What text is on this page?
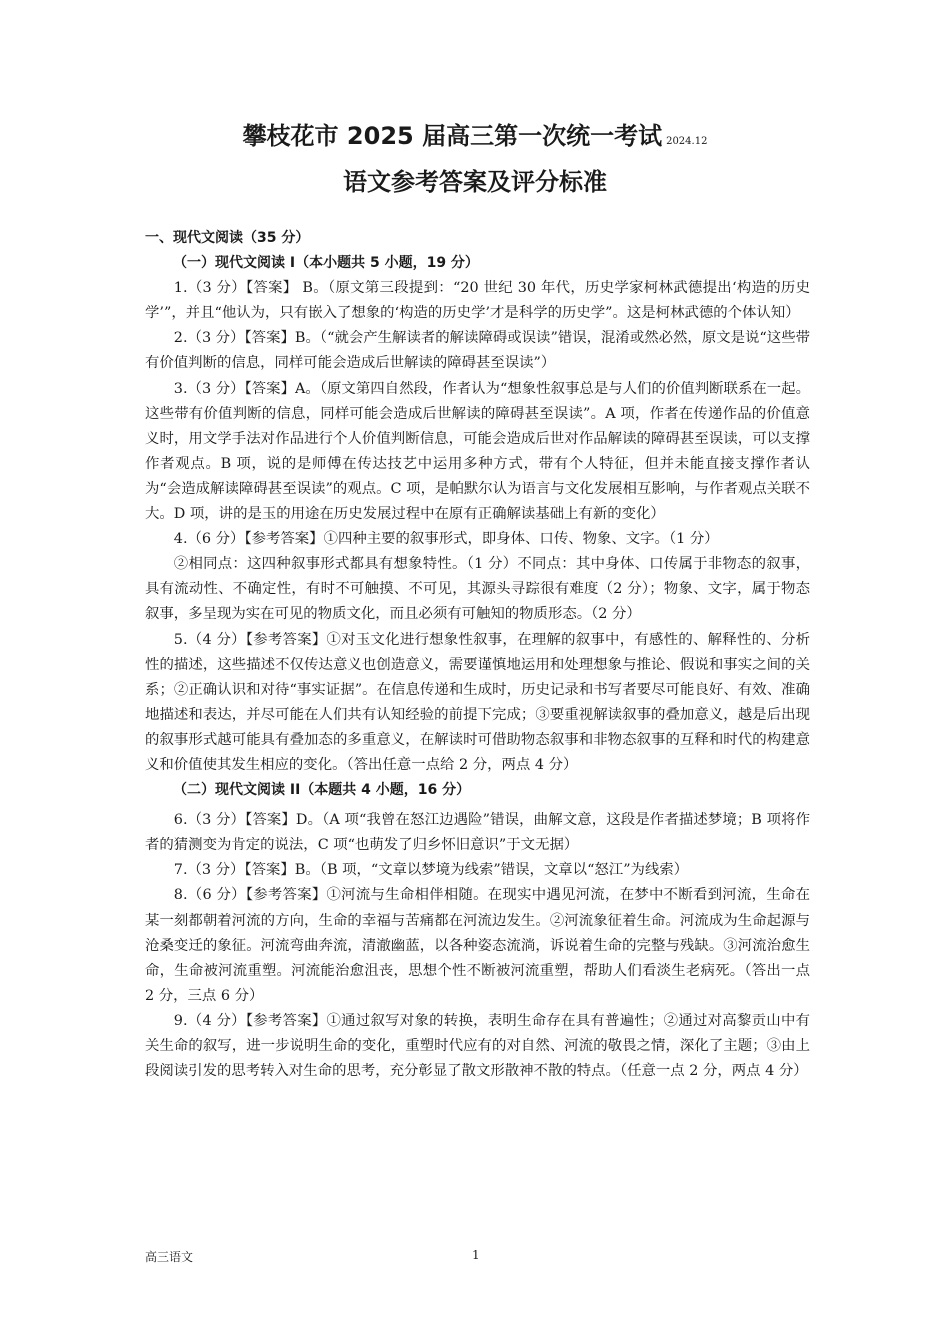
攀枝花市 2025 届高三第一次统一考试 2024.12
语文参考答案及评分标准

一、现代文阅读（35 分）

（一）现代文阅读 I（本小题共 5 小题，19 分）

1.（3 分）【答案】 B。（原文第三段提到：“20 世纪 30 年代，历史学家柯林武德提出‘构造的历史学’”，并且“他认为，只有嵌入了想象的‘构造的历史学’才是科学的历史学”。这是柯林武德的个体认知）

2.（3 分）【答案】B。（“就会产生解读者的解读障碍或误读”错误，混淆或然必然，原文是说“这些带有价值判断的信息，同样可能会造成后世解读的障碍甚至误读”）

3.（3 分）【答案】A。（原文第四自然段，作者认为“想象性叙事总是与人们的价值判断联系在一起。这些带有价值判断的信息，同样可能会造成后世解读的障碍甚至误读”。A 项，作者在传递作品的价值意义时，用文学手法对作品进行个人价值判断信息，可能会造成后世对作品解读的障碍甚至误读，可以支撑作者观点。B 项，说的是师傅在传达技艺中运用多种方式，带有个人特征，但并未能直接支撑作者认为“会造成解读障碍甚至误读”的观点。C 项，是帕默尔认为语言与文化发展相互影响，与作者观点关联不大。D 项，讲的是玉的用途在历史发展过程中在原有正确解读基础上有新的变化）

4.（6 分）【参考答案】①四种主要的叙事形式，即身体、口传、物象、文字。（1 分）

②相同点：这四种叙事形式都具有想象特性。（1 分）不同点：其中身体、口传属于非物态的叙事，具有流动性、不确定性，有时不可触摸、不可见，其源头寻踪很有难度（2 分）；物象、文字，属于物态叙事，多呈现为实在可见的物质文化，而且必须有可触知的物质形态。（2 分）

5.（4 分）【参考答案】①对玉文化进行想象性叙事，在理解的叙事中，有感性的、解释性的、分析性的描述，这些描述不仅传达意义也创造意义，需要谨慎地运用和处理想象与推论、假说和事实之间的关系；②正确认识和对待“事实证据”。在信息传递和生成时，历史记录和书写者要尽可能良好、有效、准确地描述和表达，并尽可能在人们共有认知经验的前提下完成；③要重视解读叙事的叠加意义，越是后出现的叙事形式越可能具有叠加态的多重意义，在解读时可借助物态叙事和非物态叙事的互释和时代的构建意义和价值使其发生相应的变化。（答出任意一点给 2 分，两点 4 分）

（二）现代文阅读 II（本题共 4 小题，16 分）

6.（3 分）【答案】D。（A 项“我曾在怒江边遇险”错误，曲解文意，这段是作者描述梦境；B 项将作者的猜测变为肯定的说法，C 项“也萌发了归乡怀旧意识”于文无据）

7.（3 分）【答案】B。（B 项，“文章以梦境为线索”错误，文章以“怒江”为线索）

8.（6 分）【参考答案】①河流与生命相伴相随。在现实中遇见河流，在梦中不断看到河流，生命在某一刻都朝着河流的方向，生命的幸福与苦痛都在河流边发生。②河流象征着生命。河流成为生命起源与沧桑变迁的象征。河流弯曲奔流，清澈幽蓝，以各种姿态流淌，诉说着生命的完整与残缺。③河流治愈生命，生命被河流重塑。河流能治愈沮丧，思想个性不断被河流重塑，帮助人们看淡生老病死。（答出一点 2 分，三点 6 分）

9.（4 分）【参考答案】①通过叙写对象的转换，表明生命存在具有普遍性；②通过对高黎贡山中有关生命的叙写，进一步说明生命的变化，重塑时代应有的对自然、河流的敬畏之情，深化了主题；③由上段阅读引发的思考转入对生命的思考，充分彰显了散文形散神不散的特点。（任意一点 2 分，两点 4 分）

高三语文	1
